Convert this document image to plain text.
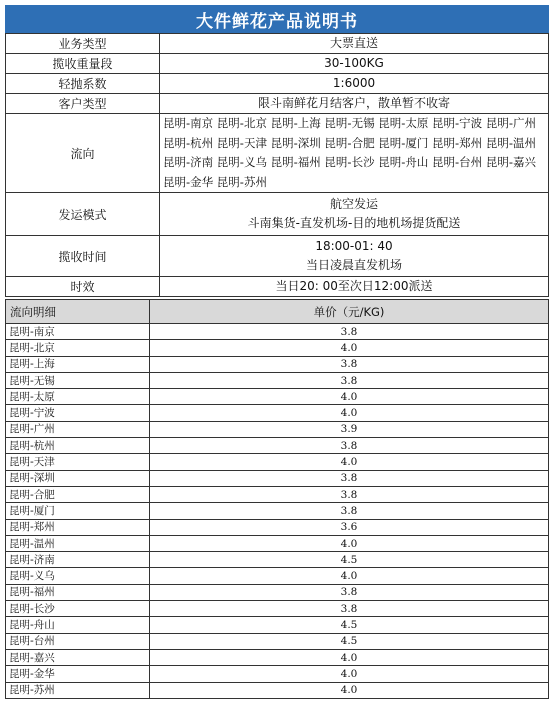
大件鲜花产品说明书
业务类型	大票直送
揽收重量段	30-100KG
轻抛系数	1:6000
客户类型	限斗南鲜花月结客户，散单暂不收寄
流向	昆明-南京 昆明-北京 昆明-上海 昆明-无锡 昆明-太原 昆明-宁波 昆明-广州 昆明-杭州 昆明-天津 昆明-深圳 昆明-合肥 昆明-厦门 昆明-郑州 昆明-温州 昆明-济南 昆明-义乌 昆明-福州 昆明-长沙 昆明-舟山 昆明-台州 昆明-嘉兴 昆明-金华 昆明-苏州
发运模式	航空发运
斗南集货-直发机场-目的地机场提货配送

揽收时间	18:00-01: 40
当日凌晨直发机场

时效	当日20: 00至次日12:00派送
流向明细	单价（元/KG)
昆明-南京	3.8
昆明-北京	4.0
昆明-上海	3.8
昆明-无锡	3.8
昆明-太原	4.0
昆明-宁波	4.0
昆明-广州	3.9
昆明-杭州	3.8
昆明-天津	4.0
昆明-深圳	3.8
昆明-合肥	3.8
昆明-厦门	3.8
昆明-郑州	3.6
昆明-温州	4.0
昆明-济南	4.5
昆明-义乌	4.0
昆明-福州	3.8
昆明-长沙	3.8
昆明-舟山	4.5
昆明-台州	4.5
昆明-嘉兴	4.0
昆明-金华	4.0
昆明-苏州	4.0
